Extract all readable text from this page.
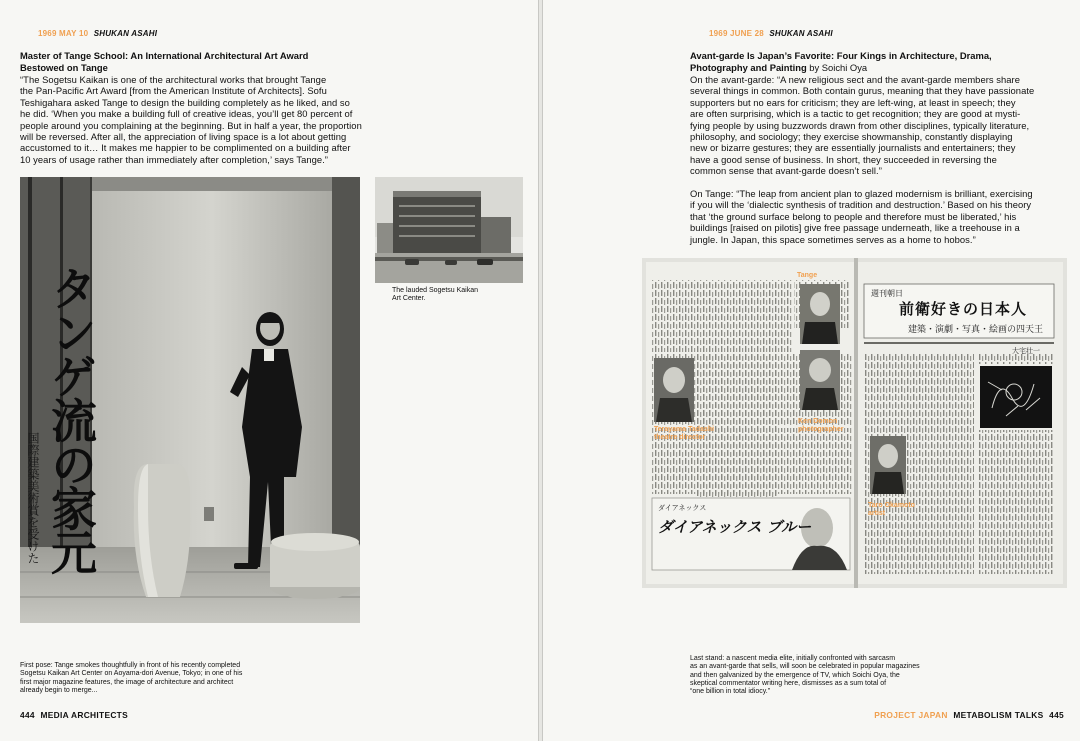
1969 MAY 10 SHUKAN ASAHI

Master of Tange School: An International Architectural Art Award
Bestowed on Tange

“The Sogetsu Kaikan is one of the architectural works that brought Tange
the Pan-Pacific Art Award [from the American Institute of Architects]. Sofu
Teshigahara asked Tange to design the building completely as he liked, and so
he did. ‘When you make a building full of creative ideas, you’ll get 80 percent of
people around you complaining at the beginning. But in half a year, the proportion
will be reversed. After all, the appreciation of living space is a lot about getting
accustomed to it… It makes me happier to be complimented on a building after
10 years of usage rather than immediately after completion,’ says Tange.”

タンゲ流の家元
国際建築美術賞を受けた

The lauded Sogetsu Kaikan
Art Center.

First pose: Tange smokes thoughtfully in front of his recently completed
Sogetsu Kaikan Art Center on Aoyama-dori Avenue, Tokyo; in one of his
first major magazine features, the image of architecture and architect
already begin to merge...

444 MEDIA ARCHITECTS
1969 JUNE 28 SHUKAN ASAHI

Avant-garde Is Japan’s Favorite: Four Kings in Architecture, Drama,
Photography and Painting by Soichi Oya

On the avant-garde: “A new religious sect and the avant-garde members share
several things in common. Both contain gurus, meaning that they have passionate
supporters but no ears for criticism; they are left-wing, at least in speech; they
are often surprising, which is a tactic to get recognition; they are good at mysti-
fying people by using buzzwords drawn from other disciplines, typically literature,
philosophy, and sociology; they exercise showmanship, constantly displaying
new or bizarre gestures; they are essentially journalists and entertainers; they
have a good sense of business. In short, they succeeded in reversing the
common sense that avant-garde doesn’t sell.”

On Tange: “The leap from ancient plan to glazed modernism is brilliant, exercising
if you will the ‘dialectic synthesis of tradition and destruction.’ Based on his theory
that ‘the ground surface belong to people and therefore must be liberated,’ his
buildings [raised on pilotis] give free passage underneath, like a treehouse in a
jungle. In Japan, this space sometimes serves as a home to hobos.”

週刊朝日
前衛好きの日本人
建築・演劇・写真・絵画の四天王
大宅壮一
ダイアネックス
ダイアネックス ブルー
Tange
Terayama Tadashi
theatre director
Ken Domon
photographer
Taro Okamoto
artist

Last stand: a nascent media elite, initially confronted with sarcasm
as an avant-garde that sells, will soon be celebrated in popular magazines
and then galvanized by the emergence of TV, which Soichi Oya, the
skeptical commentator writing here, dismisses as a sum total of
“one billion in total idiocy.”

PROJECT JAPAN METABOLISM TALKS 445
